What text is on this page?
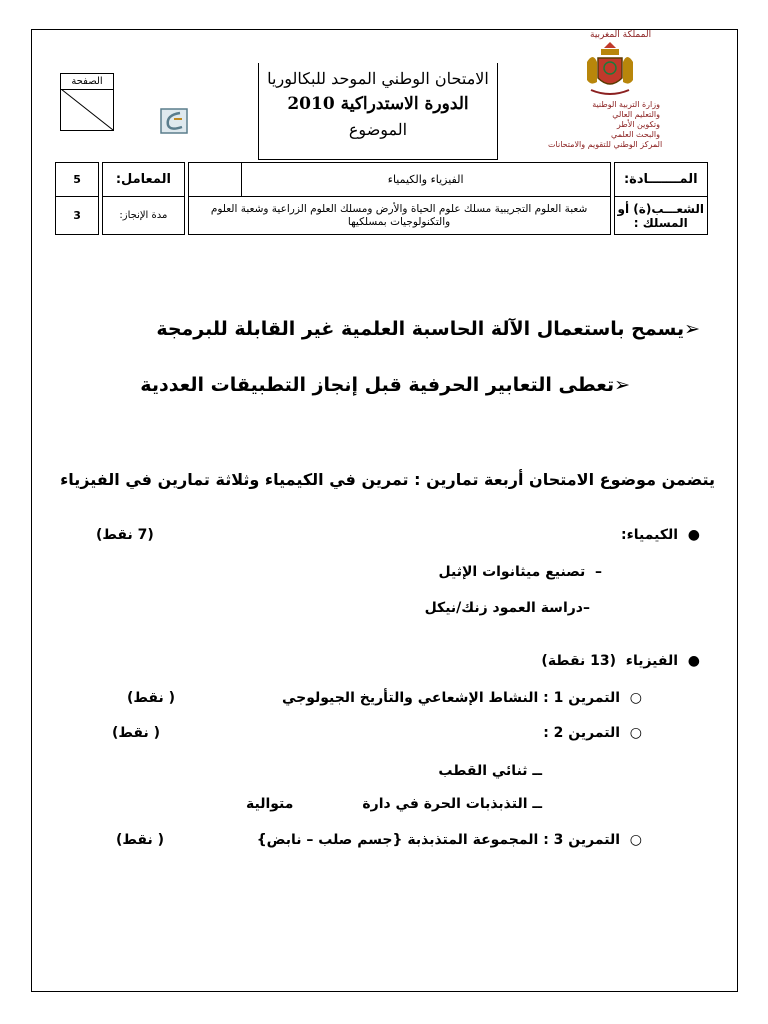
المملكة المغربية
وزارة التربية الوطنية
والتعليم العالي
وتكوين الأطر
والبحث العلمي
المركز الوطني للتقويم والامتحانات
الامتحان الوطني الموحد للبكالوريا
الدورة الاستدراكية 2010
الموضوع
الصفحة
5		المعامل:			الفيزياء والكيمياء		المـــــــادة:
3		مدة الإنجاز:		شعبة العلوم التجريبية مسلك علوم الحياة والأرض ومسلك العلوم الزراعية وشعبة العلوم والتكنولوجيات بمسلكيها			الشعـــب(ة) أو المسلك :
➢يسمح باستعمال الآلة الحاسبة العلمية غير القابلة للبرمجة
➢تعطى التعابير الحرفية قبل إنجاز التطبيقات العددية
يتضمن موضوع الامتحان أربعة تمارين : تمرين في الكيمياء وثلاثة تمارين في الفيزياء
●  الكيمياء:
(7 نقط)
–  تصنيع ميثانوات الإثيل
–دراسة العمود زنك/نيكل
●  الفيزياء  (13 نقطة)
○  التمرين 1 : النشاط الإشعاعي والتأريخ الجيولوجي
( نقط)
○  التمرين 2 :
( نقط)
ــ ثنائي القطب
ــ التذبذبات الحرة في دارة
متوالية
○  التمرين 3 : المجموعة المتذبذبة {جسم صلب – نابض}
( نقط)
